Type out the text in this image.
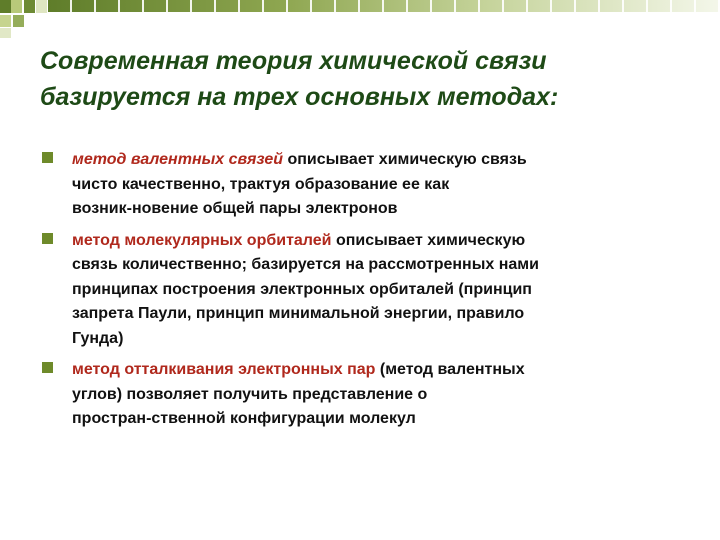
Современная теория химической связи
базируется на трех основных методах:
метод валентных связей описывает химическую связь
чисто качественно, трактуя образование ее как
возник-новение общей пары электронов
метод молекулярных орбиталей описывает химическую
связь количественно; базируется на рассмотренных нами
принципах построения электронных орбиталей (принцип
запрета Паули, принцип минимальной энергии, правило
Гунда)
метод отталкивания электронных пар (метод валентных
углов) позволяет получить представление о
простран-ственной конфигурации молекул
